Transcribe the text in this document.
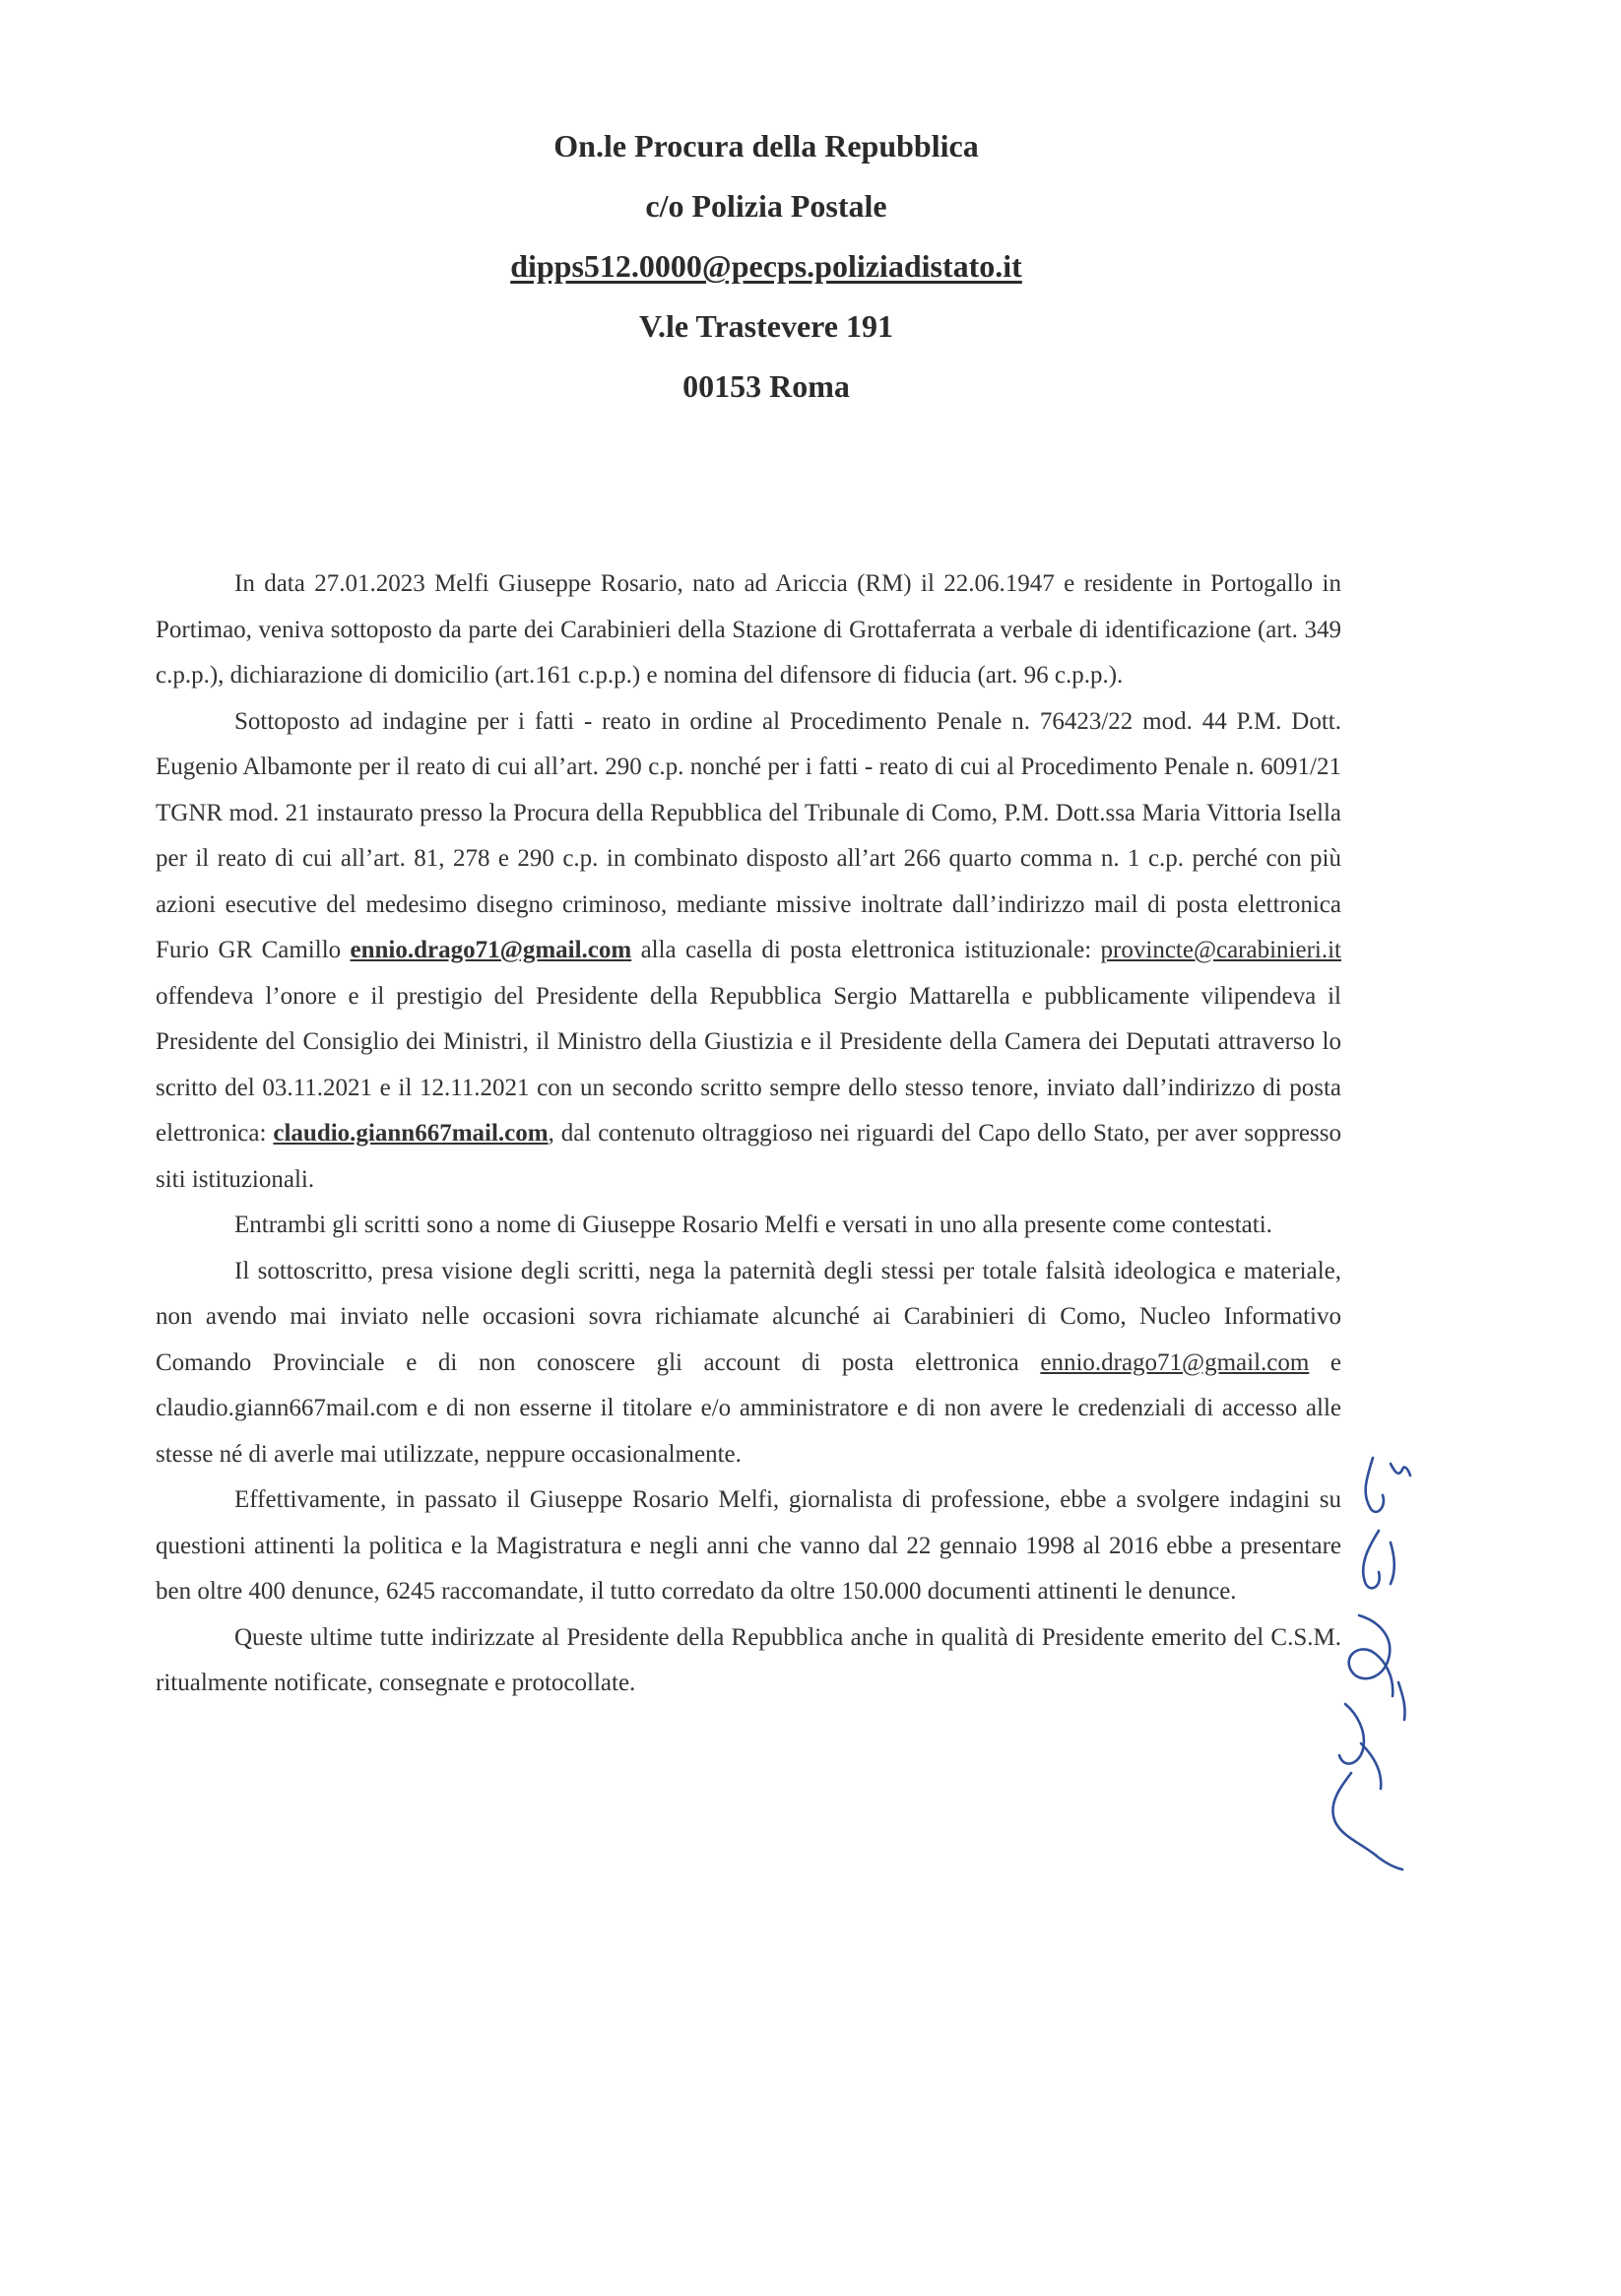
On.le Procura della Repubblica
c/o Polizia Postale
dipps512.0000@pecps.poliziadistato.it
V.le Trastevere 191
00153 Roma

In data 27.01.2023 Melfi Giuseppe Rosario, nato ad Ariccia (RM) il 22.06.1947 e residente in Portogallo in Portimao, veniva sottoposto da parte dei Carabinieri della Stazione di Grottaferrata a verbale di identificazione (art. 349 c.p.p.), dichiarazione di domicilio (art.161 c.p.p.) e nomina del difensore di fiducia (art. 96 c.p.p.).

Sottoposto ad indagine per i fatti - reato in ordine al Procedimento Penale n. 76423/22 mod. 44 P.M. Dott. Eugenio Albamonte per il reato di cui all’art. 290 c.p. nonché per i fatti - reato di cui al Procedimento Penale n. 6091/21 TGNR mod. 21 instaurato presso la Procura della Repubblica del Tribunale di Como, P.M. Dott.ssa Maria Vittoria Isella per il reato di cui all’art. 81, 278 e 290 c.p. in combinato disposto all’art 266 quarto comma n. 1 c.p. perché con più azioni esecutive del medesimo disegno criminoso, mediante missive inoltrate dall’indirizzo mail di posta elettronica Furio GR Camillo ennio.drago71@gmail.com alla casella di posta elettronica istituzionale: provincte@carabinieri.it offendeva l’onore e il prestigio del Presidente della Repubblica Sergio Mattarella e pubblicamente vilipendeva il Presidente del Consiglio dei Ministri, il Ministro della Giustizia e il Presidente della Camera dei Deputati attraverso lo scritto del 03.11.2021 e il 12.11.2021 con un secondo scritto sempre dello stesso tenore, inviato dall’indirizzo di posta elettronica: claudio.giann667mail.com, dal contenuto oltraggioso nei riguardi del Capo dello Stato, per aver soppresso siti istituzionali.

Entrambi gli scritti sono a nome di Giuseppe Rosario Melfi e versati in uno alla presente come contestati.

Il sottoscritto, presa visione degli scritti, nega la paternità degli stessi per totale falsità ideologica e materiale, non avendo mai inviato nelle occasioni sovra richiamate alcunché ai Carabinieri di Como, Nucleo Informativo Comando Provinciale e di non conoscere gli account di posta elettronica ennio.drago71@gmail.com e claudio.giann667mail.com e di non esserne il titolare e/o amministratore e di non avere le credenziali di accesso alle stesse né di averle mai utilizzate, neppure occasionalmente.

Effettivamente, in passato il Giuseppe Rosario Melfi, giornalista di professione, ebbe a svolgere indagini su questioni attinenti la politica e la Magistratura e negli anni che vanno dal 22 gennaio 1998 al 2016 ebbe a presentare ben oltre 400 denunce, 6245 raccomandate, il tutto corredato da oltre 150.000 documenti attinenti le denunce.

Queste ultime tutte indirizzate al Presidente della Repubblica anche in qualità di Presidente emerito del C.S.M. ritualmente notificate, consegnate e protocollate.
